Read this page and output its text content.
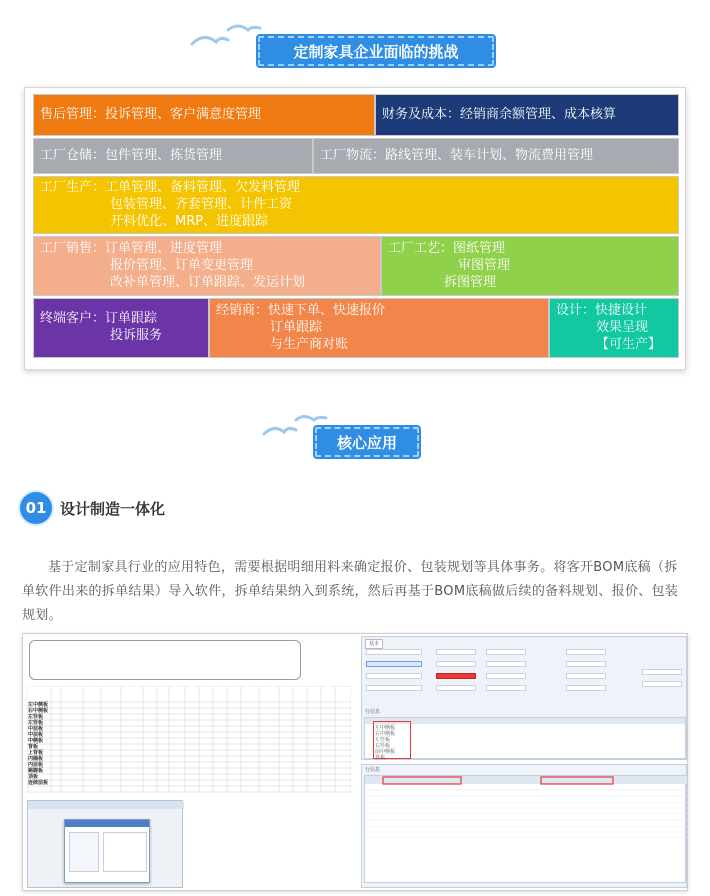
定制家具企业面临的挑战
售后管理：投诉管理、客户满意度管理	财务及成本：经销商余额管理、成本核算
工厂仓储：包件管理、拣货管理	工厂物流：路线管理、装车计划、物流费用管理
工厂生产：工单管理、备料管理、欠发料管理
包装管理、齐套管理、计件工资
开料优化、MRP、进度跟踪
工厂销售：订单管理、进度管理
报价管理、订单变更管理
改补单管理、订单跟踪、发运计划
工厂工艺：图纸管理
审图管理
拆图管理
终端客户：订单跟踪
投诉服务
经销商：快速下单、快速报价
订单跟踪
与生产商对账
设计：快捷设计
效果呈现
【可生产】
核心应用
01 设计制造一体化
基于定制家具行业的应用特色，需要根据明细用料来确定报价、包装规划等具体事务。将客开BOM底稿（拆单软件出来的拆单结果）导入软件，拆单结果纳入到系统，然后再基于BOM底稿做后续的备料规划、报价、包装规划。
左中侧板
右中侧板
左竖板
左竖板
中层板
中层板
中侧板
背板
上背板
内隔板
内层板
踢脚板
顶板
连续层板
基本
行信息
左中侧板
右中侧板
左竖板
右竖板
前中侧板
背板
行信息
